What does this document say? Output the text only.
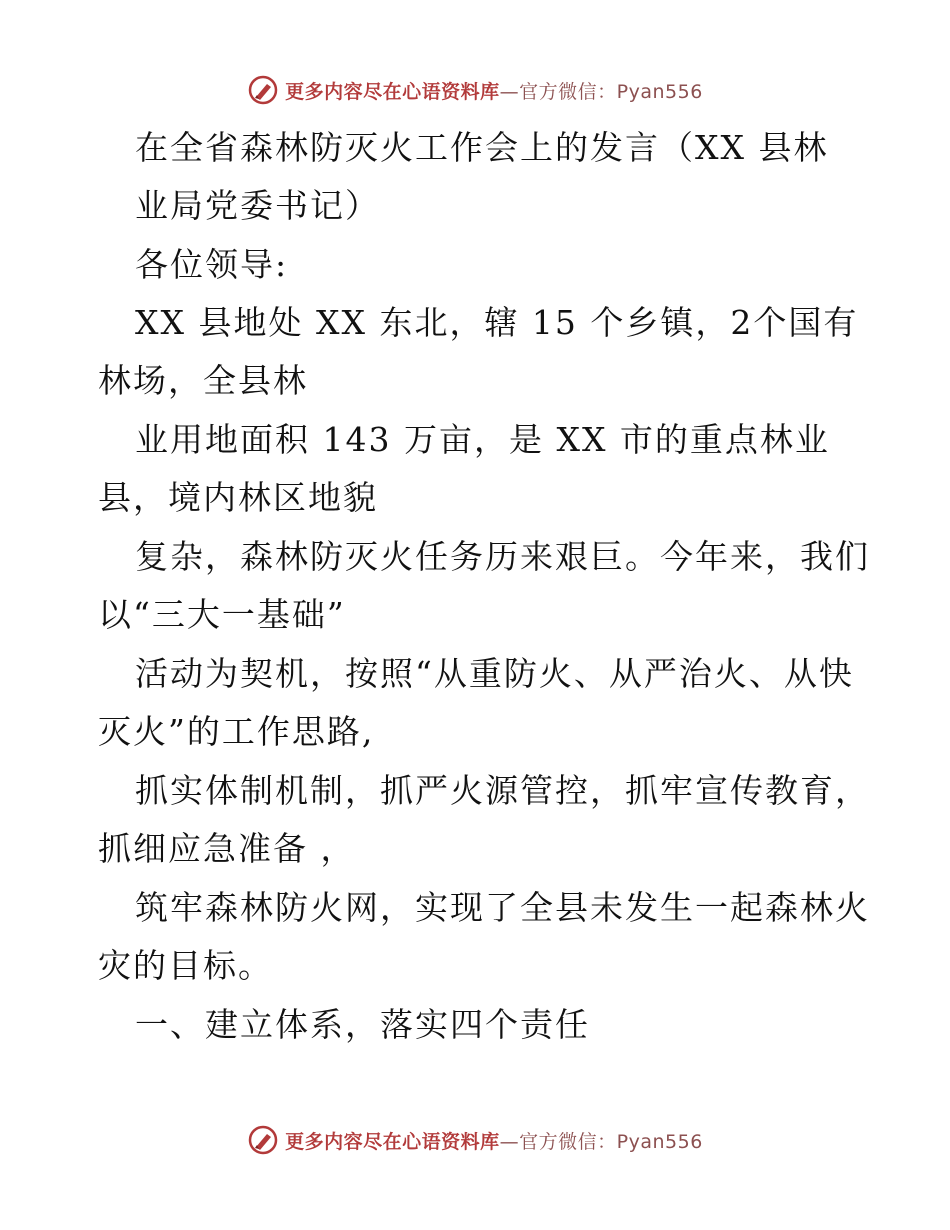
更多内容尽在心语资料库—官方微信：Pyan556
在全省森林防灭火工作会上的发言（XX 县林
业局党委书记）
各位领导:
XX 县地处 XX 东北，辖 15 个乡镇，2个国有
林场，全县林
业用地面积 143 万亩，是 XX 市的重点林业
县，境内林区地貌
复杂，森林防灭火任务历来艰巨。今年来，我们
以“三大一基础”
活动为契机，按照“从重防火、从严治火、从快
灭火”的工作思路,
抓实体制机制，抓严火源管控，抓牢宣传教育，
抓细应急准备 ，
筑牢森林防火网，实现了全县未发生一起森林火
灾的目标。
一、建立体系，落实四个责任
更多内容尽在心语资料库—官方微信：Pyan556
